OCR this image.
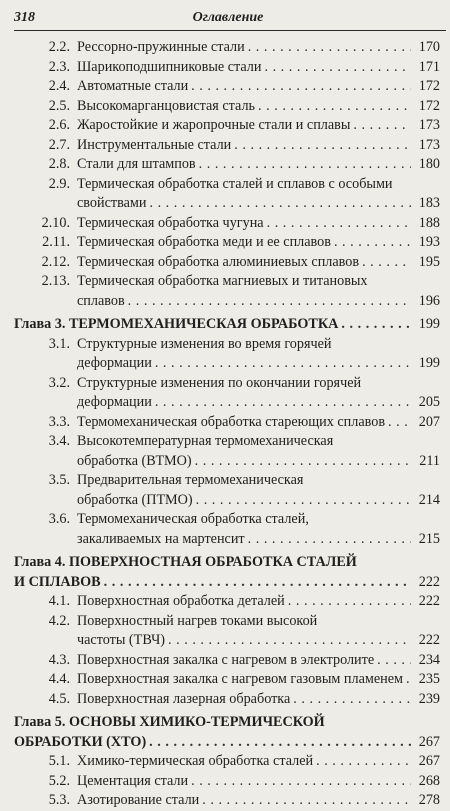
318	Оглавление
2.2. Рессорно-пружинные стали . . .	170
2.3. Шарикоподшипниковые стали . . .	171
2.4. Автоматные стали . . .	172
2.5. Высокомарганцовистая сталь . . .	172
2.6. Жаростойкие и жаропрочные стали и сплавы . . .	173
2.7. Инструментальные стали . . .	173
2.8. Стали для штампов . . .	180
2.9. Термическая обработка сталей и сплавов с особыми
свойствами . . .	183
2.10. Термическая обработка чугуна . . .	188
2.11. Термическая обработка меди и ее сплавов . . .	193
2.12. Термическая обработка алюминиевых сплавов . . .	195
2.13. Термическая обработка магниевых и титановых
сплавов . . .	196
Глава 3. ТЕРМОМЕХАНИЧЕСКАЯ ОБРАБОТКА . . .	199
3.1. Структурные изменения во время горячей
деформации . . .	199
3.2. Структурные изменения по окончании горячей
деформации . . .	205
3.3. Термомеханическая обработка стареющих сплавов . . .	207
3.4. Высокотемпературная термомеханическая
обработка (ВТМО) . . .	211
3.5. Предварительная термомеханическая
обработка (ПТМО) . . .	214
3.6. Термомеханическая обработка сталей,
закаливаемых на мартенсит . . .	215
Глава 4. ПОВЕРХНОСТНАЯ ОБРАБОТКА СТАЛЕЙ
И СПЛАВОВ . . .	222
4.1. Поверхностная обработка деталей . . .	222
4.2. Поверхностный нагрев токами высокой
частоты (ТВЧ) . . .	222
4.3. Поверхностная закалка с нагревом в электролите . . .	234
4.4. Поверхностная закалка с нагревом газовым пламенем . . .	235
4.5. Поверхностная лазерная обработка . . .	239
Глава 5. ОСНОВЫ ХИМИКО-ТЕРМИЧЕСКОЙ
ОБРАБОТКИ (ХТО) . . .	267
5.1. Химико-термическая обработка сталей . . .	267
5.2. Цементация стали . . .	268
5.3. Азотирование стали . . .	278
